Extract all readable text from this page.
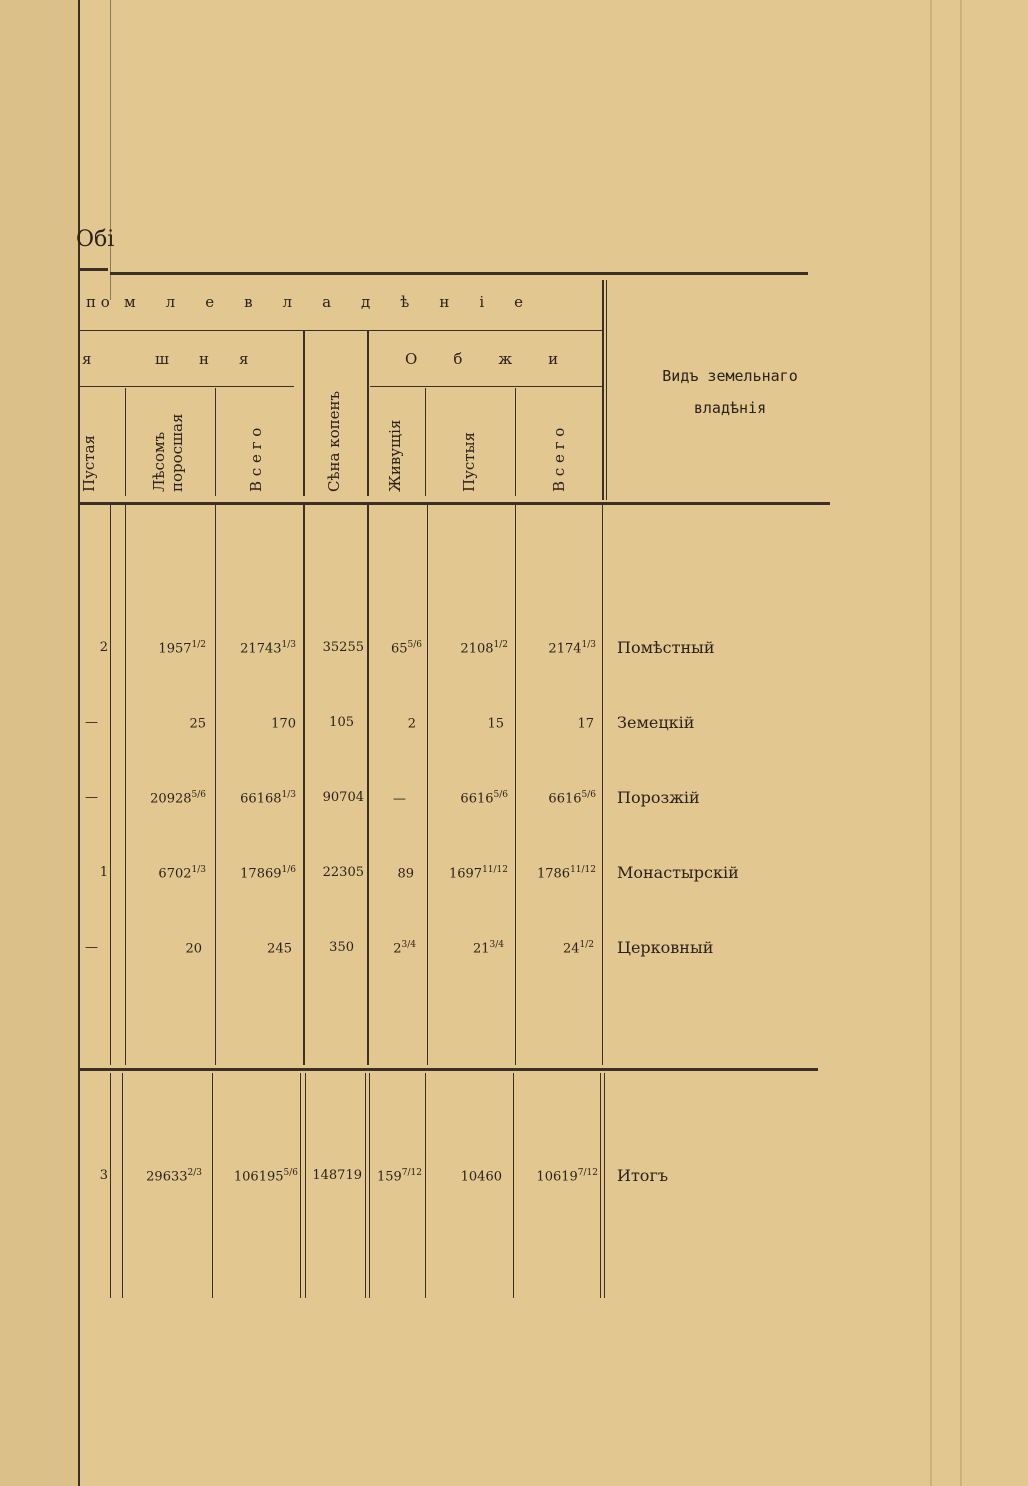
Обі
п о м л е в л а д ѣ н і е
я	ш н я	О б ж и
Пустая	Лѣсомъ поросшая	В с е г о	Сѣна копенъ	Живущія	Пустыя	В с е г о
Видъ земельнаго владѣнія
2	$1957^{1/2}$	$21743^{1/3}$	35255	$65^{5/6}$	$2108^{1/2}$	$2174^{1/3}$ Помѣстный
—	25	170	105	2	15	17 Земецкій
—	$20928^{5/6}$	$66168^{1/3}$	90704	—	$6616^{5/6}$	$6616^{5/6}$ Порозжій
1	$6702^{1/3}$	$17869^{1/6}$	22305	89	$1697^{11/12}$	$1786^{11/12}$ Монастырскій
—	20	245	350	$2^{3/4}$	$21^{3/4}$	$24^{1/2}$ Церковный
3	$29633^{2/3}$	$106195^{5/6}$	148719	$159^{7/12}$	10460	$10619^{7/12}$ Итогъ
